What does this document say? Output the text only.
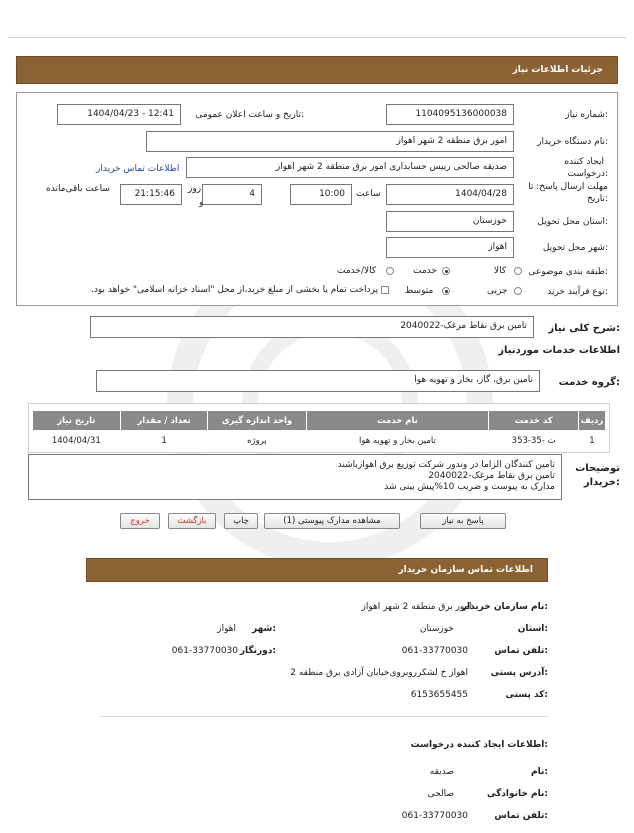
جزئیات اطلاعات نیاز
شماره نیاز:
1104095136000038
تاریخ و ساعت اعلان عمومی:
1404/04/23 - 12:41
نام دستگاه خریدار:
امور برق منطقه 2 شهر اهواز
ایجاد کننده
درخواست:
صدیقه صالحی رییس حسابداری امور برق منطقه 2 شهر اهواز
اطلاعات تماس خریدار
مهلت ارسال پاسخ: تا
تاریخ:
1404/04/28
ساعت
10:00
4
روز
و
21:15:46
ساعت باقی‌مانده
استان محل تحویل:
خوزستان
شهر محل تحویل:
اهواز
طبقه بندی موضوعی:
کالا
خدمت
کالا/خدمت
نوع فرآیند خرید:
جزیی
متوسط
پرداخت تمام یا بخشی از مبلغ خرید،از محل "اسناد خزانه اسلامی" خواهد بود.
شرح کلی نیاز:
تامین برق نقاط مرغک-2040022
اطلاعات خدمات موردنیاز
گروه خدمت:
تامین برق، گاز، بخار و تهویه هوا
ردیف	کد خدمت	نام خدمت	واحد اندازه گیری	تعداد / مقدار	تاریخ نیاز
1	ت -35-353	تامین بخار و تهویه هوا	پروژه	1	1404/04/31
توضیحات
خریدار:
تامین کنندگان الزاما در وندور شرکت توزیع برق اهوازباشند
تامین برق نقاط مرغک-2040022
مدارک به پیوست و ضریب 10%پیش بینی شد
پاسخ به نیاز
مشاهده مدارک پیوستی (1)
چاپ
بازگشت
خروج
اطلاعات تماس سازمان خریدار
نام سازمان خریدار:
امور برق منطقه 2 شهر اهواز
استان:
خوزستان
شهر:
اهواز
تلفن تماس:
061-33770030
دورنگار:
061-33770030
آدرس پستی:
اهواز خ لشکرروبروی‌خیابان آزادی برق منطقه 2
کد پستی:
6153655455
اطلاعات ایجاد کننده درخواست:
نام:
صدیقه
نام خانوادگی:
صالحی
تلفن تماس:
061-33770030
